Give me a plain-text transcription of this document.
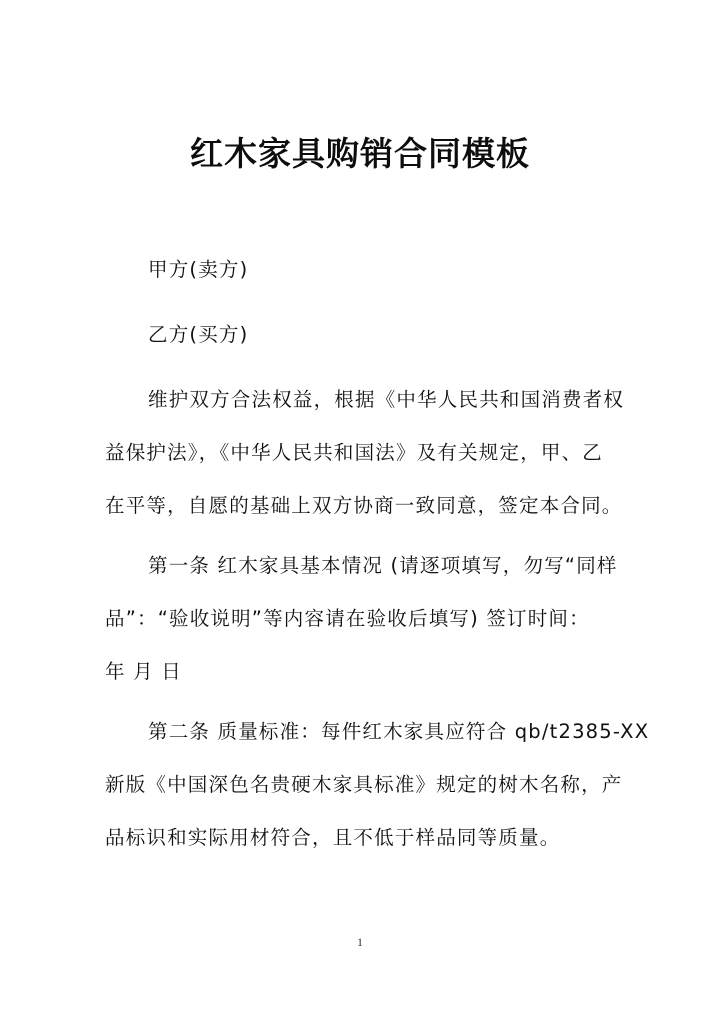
红木家具购销合同模板
甲方(卖方)
乙方(买方)
维护双方合法权益，根据《中华人民共和国消费者权
益保护法》，《中华人民共和国法》及有关规定，甲、乙
在平等，自愿的基础上双方协商一致同意，签定本合同。
第一条 红木家具基本情况 (请逐项填写，勿写“同样
品”：“验收说明”等内容请在验收后填写) 签订时间：
年 月 日
第二条 质量标准：每件红木家具应符合 qb/t2385-XX
新版《中国深色名贵硬木家具标准》规定的树木名称，产
品标识和实际用材符合，且不低于样品同等质量。
1
